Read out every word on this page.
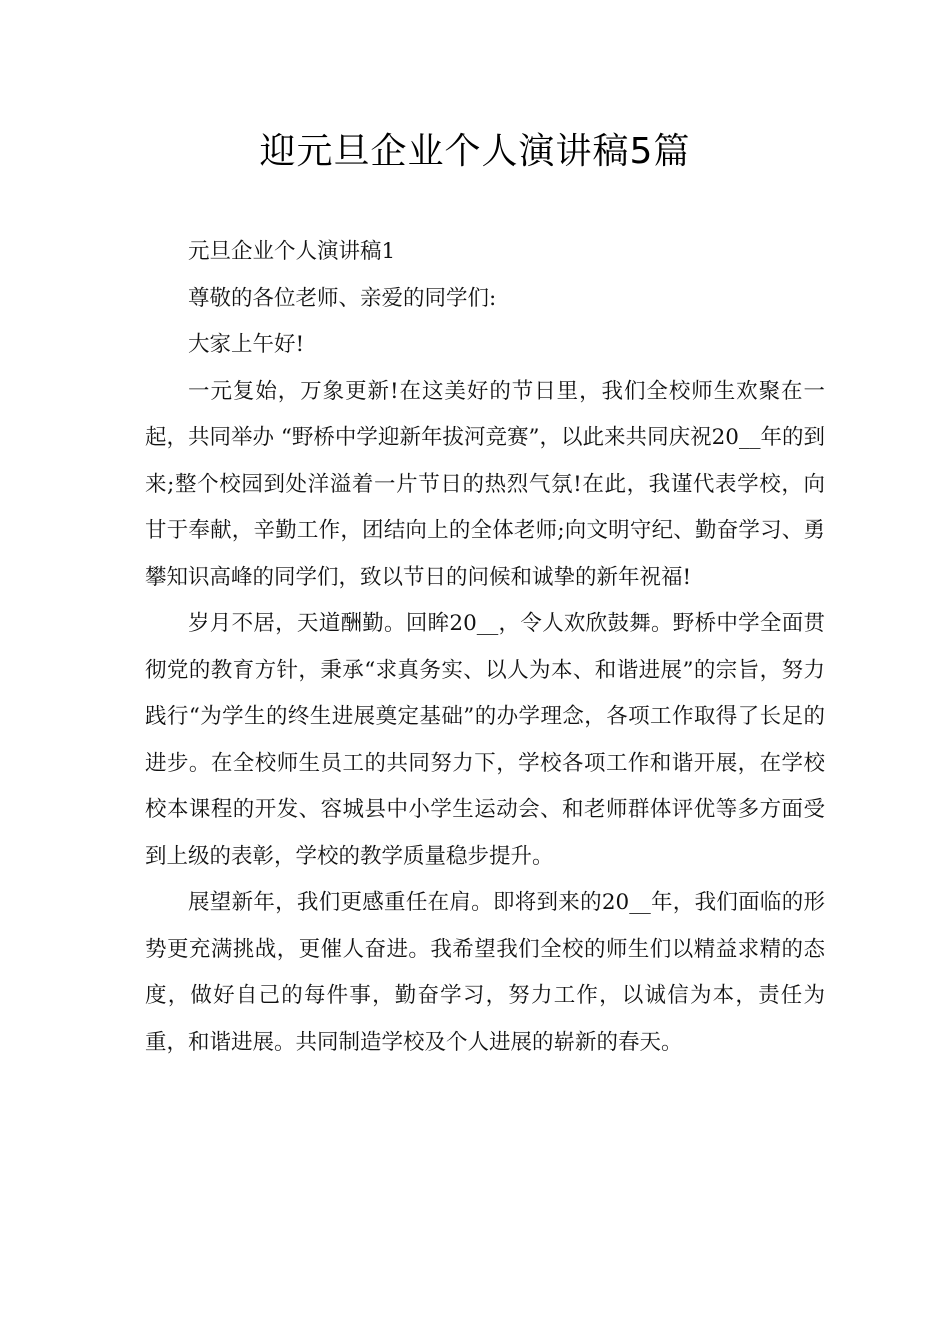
迎元旦企业个人演讲稿5篇

元旦企业个人演讲稿1

尊敬的各位老师、亲爱的同学们:

大家上午好!

一元复始，万象更新!在这美好的节日里，我们全校师生欢聚在一起，共同举办 “野桥中学迎新年拔河竞赛”，以此来共同庆祝20__年的到来;整个校园到处洋溢着一片节日的热烈气氛!在此，我谨代表学校，向甘于奉献，辛勤工作，团结向上的全体老师;向文明守纪、勤奋学习、勇攀知识高峰的同学们，致以节日的问候和诚挚的新年祝福!

岁月不居，天道酬勤。回眸20__，令人欢欣鼓舞。野桥中学全面贯彻党的教育方针，秉承“求真务实、以人为本、和谐进展”的宗旨，努力践行“为学生的终生进展奠定基础”的办学理念，各项工作取得了长足的进步。在全校师生员工的共同努力下，学校各项工作和谐开展，在学校校本课程的开发、容城县中小学生运动会、和老师群体评优等多方面受到上级的表彰，学校的教学质量稳步提升。

展望新年，我们更感重任在肩。即将到来的20__年，我们面临的形势更充满挑战，更催人奋进。我希望我们全校的师生们以精益求精的态度，做好自己的每件事，勤奋学习，努力工作，以诚信为本，责任为重，和谐进展。共同制造学校及个人进展的崭新的春天。
